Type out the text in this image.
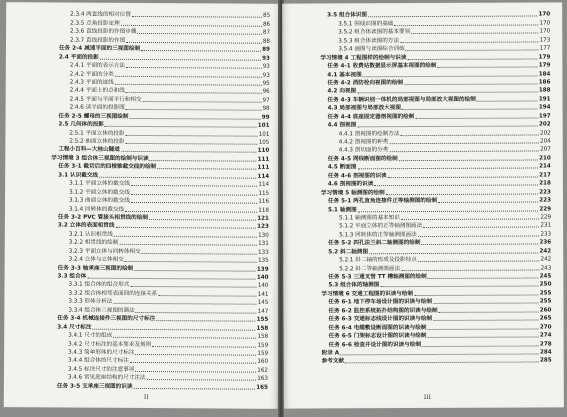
2.3.4 两直线的相对位置	85
2.3.5 点角投影定理	86
2.3.6 直线投影的作图步骤	87
2.3.7 直线投影的作图	88
任务 2-4 减速平面的三视图绘制	89
2.4 平面的投影	93
2.4.1 平面的表示方法	93
2.4.2 平面的分类	93
2.4.3 平面的迹线	95
2.4.4 平面上的点和线	96
2.4.5 平面与平面平行和相交	97
2.4.6 读平面的投影图	98
任务 2-5 螺母的三视图绘制	99
2.5 几何体的投影	101
2.5.1 平面立体的投影	101
2.5.2 曲面立体的投影	105
工程小百科—大桂山隧道	110
学习情境 3 组合体三视图的绘制与识读	111
任务 3-1 截切后的四棱锥截交线的绘制	111
3.1 认识截交线	114
3.1.1 平面立体的截交线	114
3.1.2 平面立体的截交线	115
3.1.3 曲面立体的截交线	116
3.1.4 回转体的截交线	118
任务 3-2 PVC 管接头相贯线的绘制	121
3.2 立体的表面相贯线	123
3.2.1 认识相贯线	130
3.2.2 相贯线的绘制	131
3.2.3 平面立体与回转体相交	133
3.2.4 立体与立体相交	135
任务 3-3 轴承座三视图的绘制	139
3.3 组合体	140
3.3.1 组合体的组合形式	140
3.3.2 组合体相邻表面间的连接关系	141
3.3.3 形体分析法	145
3.3.4 组合体三视图的画法	147
任务 3-4 机械连接件三视图的尺寸标注	155
3.4 尺寸标注	158
3.4.1 尺寸的组成	158
3.4.2 尺寸标注的基本要求及规则	159
3.4.3 简单形体的尺寸标注	159
3.4.4 组合体的尺寸标注	160
3.4.5 标注尺寸的注意事项	162
3.4.6 常见底座结构的尺寸注法	163
任务 3-5 支承座三视图的识读	165
II
3.5 组合体识图	170
3.5.1 围线识图的基础	170
3.5.2 组合体读图的基本要领	170
3.5.3 组合体读图的方法	173
3.5.4 画图与读图综合训练	177
学习情境 4 工程图样的绘制与识读	179
任务 4-1 收费站数据显示屏基本视图的绘制	179
4.1 基本视图	184
任务 4-2 消防栓向视图的绘制	186
4.2 向视图	188
任务 4-3 车辆识别一体机的局部视图与局部放大视图的绘制	191
4.3 局部视图与局部放大视图	194
任务 4-4 底座固定器剖视图的绘制	197
4.4 剖视图	202
4.4.1 剖视图的绘制方法	202
4.4.2 剖视图的种类	204
4.4.3 剖切面的分类	207
任务 4-5 网线断面图的绘制	210
4.5 断面图	214
任务 4-6 剖视图的识读	217
4.6 剖视图的识读	218
学习情境 5 轴测图的绘制	223
任务 5-1 两孔直角连接件正等轴测图的绘制	223
5.1 轴测图	229
5.1.1 轴测图的基本知识	229
5.1.2 平面立体的正等轴测图画法	231
5.1.3 回转体的正等轴测图画法	233
任务 5-2 四孔法兰斜二轴测图的绘制	236
5.2 斜二轴测图	242
5.2.1 斜二轴的形成及投影特点	242
5.2.2 斜二等轴测图画法	243
任务 5-3 三通叉管 TT 槽轴测图的绘制	245
5.3 组合体的轴测图	250
学习情境 6 交通工程图的识读与绘制	255
任务 6-1 地下停车场设计图的识读与绘制	255
任务 6-2 监控系统拓扑结构图的识读与绘制	260
任务 6-3 交通标志线设计图的识读与绘制	265
任务 6-4 电缆敷设断面图的识读与绘制	270
任务 6-5 门架标志设计图的识读与绘制	274
任务 6-6 检查井设计图的识读与绘制	278
附录 A	284
参考文献	285
III
